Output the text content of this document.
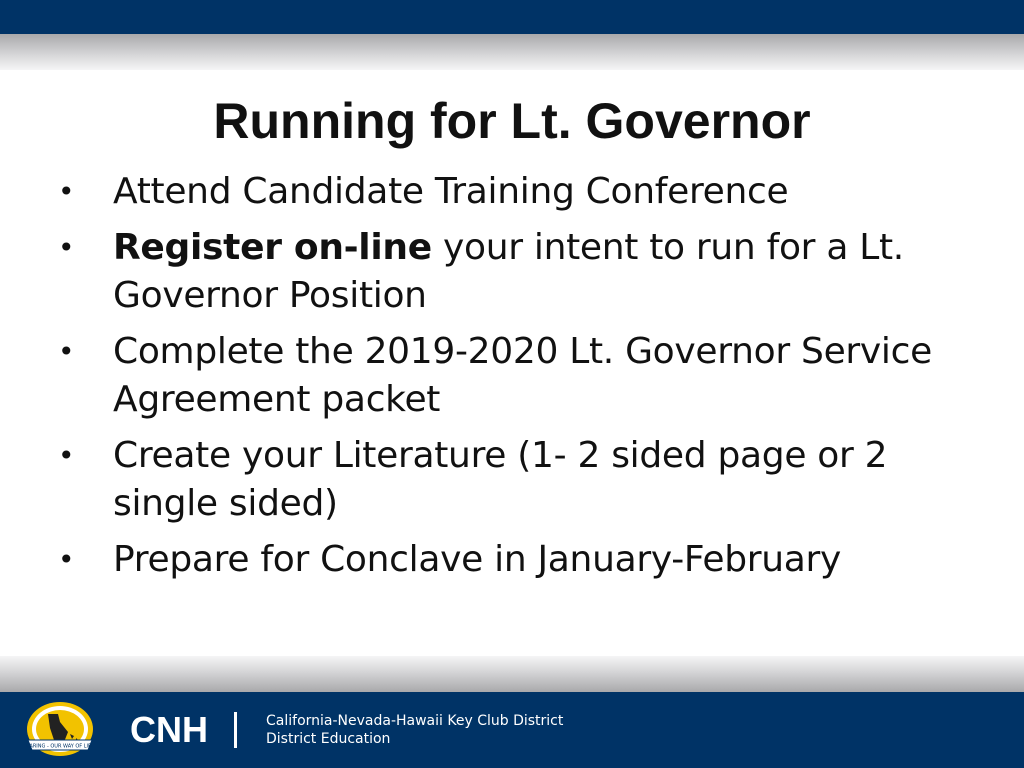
Running for Lt. Governor
• Attend Candidate Training Conference
• Register on-line your intent to run for a Lt. Governor Position
• Complete the 2019-2020 Lt. Governor Service Agreement packet
• Create your Literature (1- 2 sided page or 2 single sided)
• Prepare for Conclave in January-February
CARING - OUR WAY OF LIFE CNH	California-Nevada-Hawaii Key Club District
District Education
